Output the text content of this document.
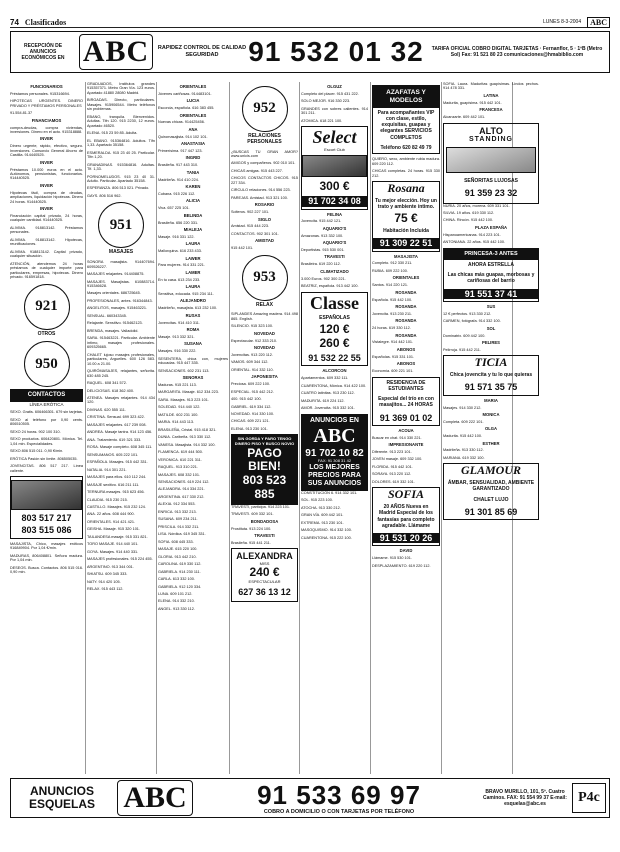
74 Clasificados	LUNES 8-3-2004	ABC
RECEPCIÓN DE ANUNCIOS ECONÓMICOS EN ABC	RAPIDEZ CONTROL DE CALIDAD SEGURIDAD	91 532 01 32	TARIFA OFICIAL COBRO DIGITAL TARJETAS · Fernanflor, 5 · 1ºB (Metro Sol) Fax: 91 521 80 23 comunicaciones@hmabiblio.com
FUNCIONARIOS

Préstamos personales. 915316694.

HIPOTECAS URGENTES. DINERO PRIVADO Y PRÉSTAMOS PERSONALES

91.554.81.37

FINANCIAMOS

compra-deudas, compra viviendas, inversiones. Dinero en el acto. 915318888.

INVER

Dinero urgente, rápido, efectivo, seguro. Inversiones. Consorcio General Ahorro de Castilla. 914440525.

INVER

Préstamos 10.000 euros en el acto. Autónomos, pensionistas, funcionarios. 914440525.

INVER

Hipotecas fácil, compra de deudas, ampliaciones, liquidación hipotecas. Dinero 24 horas. 914440525.

INVER

Financiación capital privado, 24 horas, cualquier cantidad. 914440525.

ALIVIMA. 918813142. Préstamos personales.

ALIVIMA. 918813142. Hipotecas, reunificaciones.

ALIVIMA. 918813142. Capital privado, cualquier situación.

ATENCIÓN, atendemos 24 horas préstamos de cualquier importe para particulares, empresas, hipotecas. Dinero privado. 916591818.

921
OTROS
950
CONTACTOS
LÍNEA ERÓTICA

SEXO. Gratis. 606466301. 679 sin tarjetas.

SEXO al teléfono por 0,90 cents. 806510505.

SEXO 24 horas. 902 100 310.

SEXO productos. 606420801. Mónica. Tel. 1,04 min. Especialidades.

SEXO 806 515 011. 0,90 €/min.

ERÓTICA Pasión sin límite. 806505035.

JOVENCITAS. 806 517 217. Línea caliente.

803 517 217
803 515 086

MASAJISTA, Chico, masajes eróticos 916849904. Por 1,04 €/min.

MADURAS, 806408801. Señora madura. Por 1,04 min.

DESEOS. Busca. Contactos. 806 515 016. 0,90 min.

GRADUADOS, Institutos grandes 915357371. Metro Gran Vía. 123 euros. Apartado 41880 28080 Madrid.

BIRGADAS. Directo, particulares. Masajes. 915906544. Metro teléfonos sin problemas.

EBANO, tranquila. Bienvenidos. Adultas. Tlfn 120. 915 2230, 12 euros. Apartado 46520.

ELENA. 915 23 59 85. Adulta.

EL EBANO. 915364816. Adultos. Tlfn 1,33. Apartado 35158.

ESMERALDA. 915 23 40 25. Particular. Tlfn 1,20.

GRANADINAS. 915364816. Adultas. Tlf. 1,33.

PORNOMELUDOS. 915 23 40 31. Adulto. Particular. Apartado 35158.

ESPERANZA. 806 513 021. Privado.

GAYS. 806 516 962.

951
MASAJES

SONORA masajista. 914407694. 609526227.

MASAJES relajantes. 914408875.

MASAJES. Masajistas. 610883714. 915346628.

Masajes orientales. 686725645.

PROFESIONALES, antes. 916344843.

ANGELITOS, masajes. 915463221.

SENSUAL. 660343345.

Relajante. Sensitivo. 915462123.

BRENDA, masajes. Valladolid.

SARA. 915463221. Particular. Ambiente íntimo, masajes profesionales. 609325665.

CHALET lujoso masajes profesionales, particulares, Arguelles. 600 126 583. 10.00 a 21.00.

QUIRÓMASAJES, relajantes, señorita. 630 485 245.

RAQUEL. 608 341 572.

DELICIOSAS. 618 362 400.

ATENEA. Masajes relajantes. 914 434 120.

DIVINAS. 620 555 111.

CRISTINA. Sensual. 699 323 422.

MASAJES relajantes. 617 239 008.

ANDREA. Masaje tantra. 914 123 456.

ANA. Tratamiento. 619 321 333.

ROSA. Masaje completo. 608 345 111.

SENSUMANOS. 605 222 101.

ESPAÑOLA. Masajes. 915 442 331.

NATALIA. 914 301 221.

MASAJES para ellos. 610 112 244.

MASAJE sexitivo. 616 211 111.

TERNURA masajes. 915 623 456.

CLAUDIA. 915 230 215.

CASTILLO. Masajes. 915 232 124.

ANA. 22 años. 608 444 900.

ORIENTALES. 914 421 421.

GEISHA. Masaje. 915 320 101.

TAILANDESA masaje. 915 331 821.

TORO MASAJE. 914 440 101.

GOYA. Masajes. 914 440 331.

MASAJES profesionales. 915 224 455.

ARGENTINO. 913 344 001.

SHIATSU. 609 345 333.

NATY. 914 420 105.

RELAX. 915 443 112.

ORIENTALES

Jóvenes cariñosas. 914483101.

LUCIA

Escorcia, española. 616 383 455.

ORIENTALES

Nuevas chicas. 914425456.

ANA

Quiromasajista. 914 102 101.

ANASTASIA

Primerísima. 917 447 123.

INGRID

Brasileña. 917 443 310.

TANIA

Madrileña. 914 410 224.

KAREN

Cubana. 915 226 112.

ALICIA

Viva. 657 225 101.

BELINDA

Brasileña. 656 220 331.

MIALEJA

Masaje. 916 331 122.

LAURA

Mallorquina. 616 233 433.

LAWER

Para mujeres. 914 331 221.

LAMER

En tu casa. 613 234 233.

LAURA

Sensitiva, educada. 915 234 111.

ALEJANDRO

Madrileño, masajista. 613 232 100.

RUSAS

Jovencitas. 914 410 311.

ROMA

Masaje. 913 332 321.

SUSANA

Masajes. 916 330 222.

SESENTERA, chica con, mujeres educadas. 915 447 335.

SENSACIONES. 602 231 113.

SENORAS

Maduras. 915 221 113.

MARGARITA. Masaje. 612 334 223.

SARA. Masajes. 913 223 101.

SOLEDAD. 914 440 122.

MATILDE. 602 231 100.

MARIA. 914 443 113.

BRASILEÑA, Cristal. 915 418 321.

DUNIA. Caribeña. 913 330 112.

VANESA. Masajista. 914 332 100.

FLAMENCA. 619 444 500.

VERONICA. 610 221 311.

RAQUEL. 913 310 221.

MASAJES. 608 332 101.

SENSACIONES. 619 224 112.

ALEJANDRA. 914 334 221.

ARGENTINA. 617 330 212.

ALEXIA. 912 334 553.

ENRICA. 913 332 213.

SUSANA. 609 234 211.

PRISCILA. 914 332 211.

LISA. Nórdica. 619 345 331.

SOFIA. 608 445 333.

MASAJE. 615 220 100.

GLORIA. 913 442 210.

CAROLINA. 619 330 112.

GABRIELA. 914 230 111.

CARLA. 613 332 100.

GABRIELA. 912 120 334.

LUNA. 609 101 212.

ELENA. 914 332 210.

ANGEL. 913 330 112.

952
RELACIONES PERSONALES

¿BUSCAS TU GRAN AMOR? www.unicis.com

AMIGOS y compañeros. 902 010 101.

CHICAS amigas. 915 443 227.

CHICOS CONTACTOS CHICOS. 915 227 334.

CIRCULO relaciones. 914 556 223.

PAREJAS. Amistad. 913 321 100.

ROSARIO

Solteros. 902 227 101.

SIGLO

Amistad. 915 444 223.

CONTACTOS. 902 301 101.

AMISTAD

915 442 101.

953
RELAX

SIPLANDES Amazing madera. 914 498 865. English.

SILENCIO. 915 323 100.

NOVEDAD

Espectacular. 912 333 210.

NOVEDAD

Jovencitas. 913 220 112.

VAMOS. 609 344 112.

ORIENTAL. 914 332 110.

JAPONESITA

Preciosa. 609 222 100.

ESPECIAL. 915 442 212.

400. 915 442 100.

GABRIEL. 619 334 112.

NOVEDAD. 914 330 100.

CHICAS. 609 221 121.

ELENA. 913 230 101.

SIN GORDA Y PARO TENGO DINERO PISO Y BUSCO NOVIO
PAGO BIEN!
803 523 885

TRAVESTI, participa. 914 223 101.

TRAVESTI. 609 332 101.

BONDADOSA

Prostituta. 913 224 100.

TRAVESTI

Brasileña. 915 441 211.

ALEXANDRA
MISS
240 €
ESPECTACULAR
627 36 13 12
OLGUZ

Completo del placer. 915 431 222.

SOLO MEJOR. 916 330 223.

GRANDES con sobres calientes. 914 301 211.

ATOMICA. 618 221 100.

Select
Escort Club
300 €
91 702 34 08
FELINA

Jovencita. 915 442 121.

AQUARIO'S

Amazonas. 913 332 100.

AQUARIO'S

Deportistas. 915 530 001.

TRAVESTI

Brasileira. 619 220 112.

CLIMATIZADO

3.000 Euros. 902 300 221.

BEATRIZ, española. 913 442 100.

Classe
ESPAÑOLAS
120 €
260 €
91 532 22 55
ALCORCON

Apartamentos. 609 332 111.

CUARENTONA, Mónica. 914 422 100.

CUATRO latinitas. 913 230 112.

MADURITA. 619 224 112.

AMOR. Jovencita. 915 332 101.

ANUNCIOS EN
ABC
91 702 10 82
FAX: 91 308 31 42
LOS MEJORES PRECIOS PARA SUS ANUNCIOS

CONSTITUCIÓN 6. 914 332 101.

SOL. 915 223 100.

ATOCHA. 913 330 212.

GRAN VÍA. 609 442 101.

EXTREMA. 913 230 101.

MASOQUISMO. 914 332 100.

CUARENTONA. 915 222 100.

AZAFATAS Y MODELOS
Para acompañantes VIP con clase, estilo, exquisitas, guapas y elegantes SERVICIOS COMPLETOS
Teléfono 620 82 49 79

QUIERO, sexo, ambiente rubia madura. 609 220 112.

CHICAS completas. 24 horas. 915 330 212.

Rosana
Tu mejor elección. Hoy un trato y ambiente íntimo.
75 €
Habitación Incluida
91 309 22 51
MASAJISTA

Completo. 912 330 211.

RUBIA. 609 222 100.

ORIENTALES

Santos. 914 220 121.

ROSANDA

Española. 915 442 100.

ROSANDA

Jovencita. 913 230 211.

ROSANDA

24 horas. 619 330 112.

ROSANDA

Vistalegre. 914 442 101.

ABONOS

Españolas. 915 331 101.

ABONOS

Economía. 609 221 101.

RESIDENCIA DE ESTUDIANTES
Especial del trío en con masajitos... 24 HORAS
91 369 01 02
ACOUA

Buscar en chat. 914 330 221.

IMPRESIONANTE

Diferente. 913 223 101.

JOVEN masaje. 609 332 100.

FLORIDA. 915 442 101.

SORAYA. 913 220 112.

DOLORES. 619 332 101.

SOFIA
20 AÑOS Nueva en Madrid Especial de los fantasías para completo agradable. Llámame
91 531 20 26
DAVID

Llámame. 915 530 101.

DESPLAZAMIENTO. 619 220 112.

SOFIA. Laura. Maduritas guapísimas. Lindos pechos. 914 478 331.

LATINA

Madurita, guapísima. 915 442 101.

FRANCESA

Alcanzarte. 609 442 101.

ALTO
STANDING
SEÑORITAS LUJOSAS
91 359 23 32

NURIA. 20 años, morena. 609 331 101.

SILVIA. 19 años. 619 330 112.

CHINA. Rincón. 915 442 100.

PLAZA ESPAÑA

Hispanoamericanas. 914 223 101.

ANTONIANA. 22 años. 915 442 100.

PRINCESA-3 ANTES
AHORA ESTRELLA
Las chicas más guapas, morbosas y cariñosas del barrio
91 551 37 41
SUS

12 € perfectos. 913 330 212.

CARMEN, fotógrafa. 914 332 100.

SOL

Dominatrix. 609 442 100.

PELIRES

Pelirroja. 915 442 211.

TICIA
Chica jovencita y tu lo que quieras
91 571 35 75
MARIA

Masajes. 914 330 212.

MONICA

Completa. 609 222 101.

OLGA

Madurita. 915 442 100.

ESTHER

Madrileña. 913 330 112.

MARIANA. 619 332 100.

GLAMOUR
ÁMBAR, SENSUALIDAD, AMBIENTE GARANTIZADO
CHALET LUJO
91 301 85 69
ANUNCIOS ESQUELAS ABC	91 533 69 97
COBRO A DOMICILIO O CON TARJETAS POR TELÉFONO
BRAVO MURILLO, 101, 5º. Cuatro Caminos. FAX: 91 554 99 37 E-mail: esquelas@abc.es	P4c
